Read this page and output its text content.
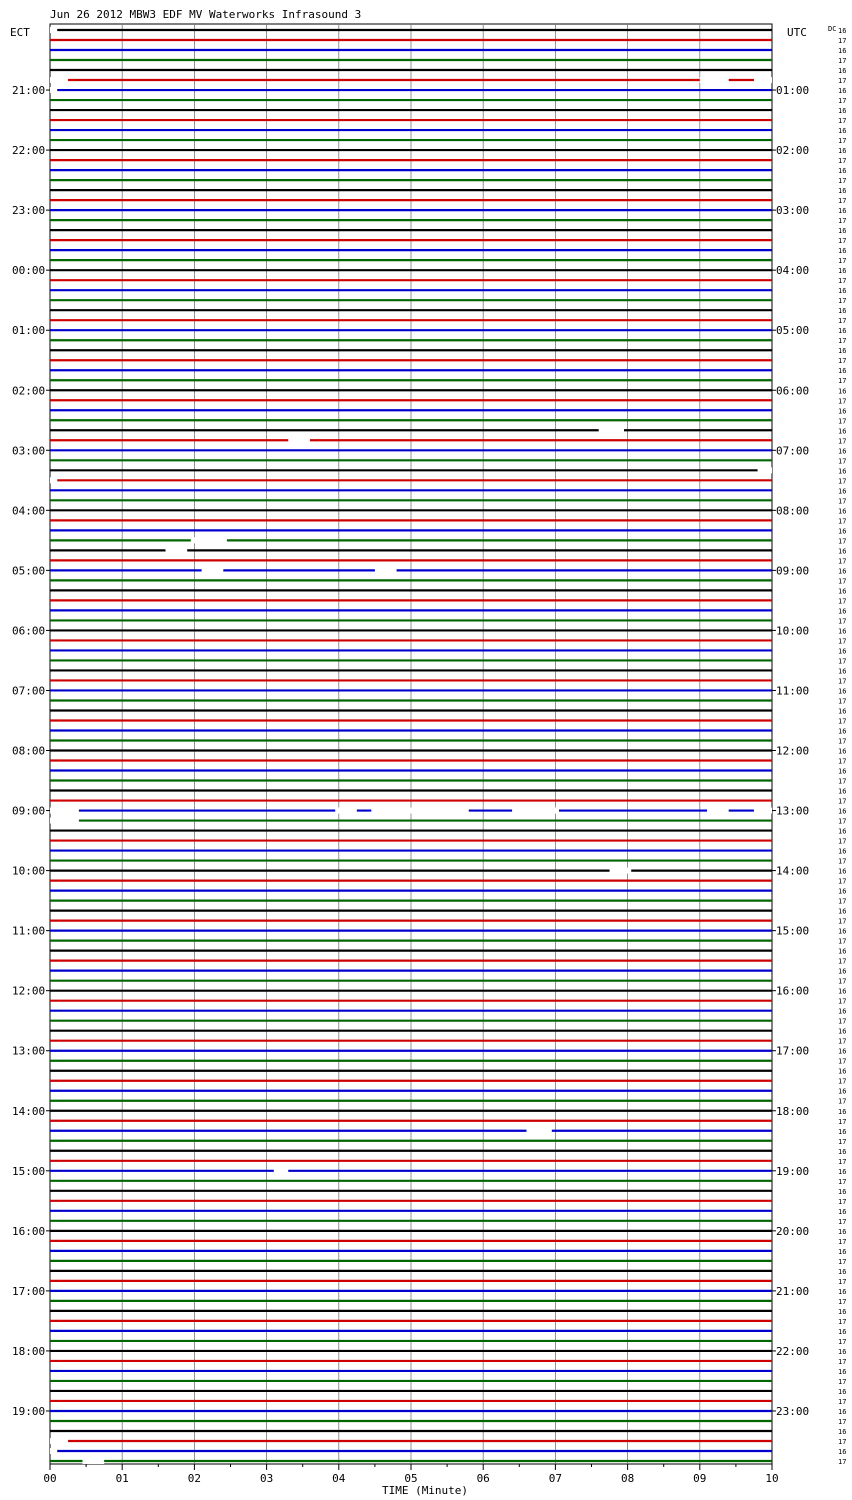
Jun 26 2012 MBW3 EDF MV Waterworks Infrasound 3
ECT	UTC	DC
TIME (Minute)
21:00
22:00
23:00
00:00
01:00
02:00
03:00
04:00
05:00
06:00
07:00
08:00
09:00
10:00
11:00
12:00
13:00
14:00
15:00
16:00
17:00
18:00
19:00
01:00
02:00
03:00
04:00
05:00
06:00
07:00
08:00
09:00
10:00
11:00
12:00
13:00
14:00
15:00
16:00
17:00
18:00
19:00
20:00
21:00
22:00
23:00
16
17
16
17
16
17
16
17
16
17
16
17
16
17
16
17
16
17
16
17
16
17
16
17
16
17
16
17
16
17
16
17
16
17
16
17
16
17
16
17
16
17
16
17
16
17
16
17
16
17
16
17
16
17
16
17
16
17
16
17
16
17
16
17
16
17
16
17
16
17
16
17
16
17
16
17
16
17
16
17
16
17
16
17
16
17
16
17
16
17
16
17
16
17
16
17
16
17
16
17
16
17
16
17
16
17
16
17
16
17
16
17
16
17
16
17
16
17
16
17
16
17
16
17
16
17
16
17
16
17
16
17
16
17
16
17
16
17
16
17
16
17
16
17
00	01	02	03	04	05	06	07	08	09	10
